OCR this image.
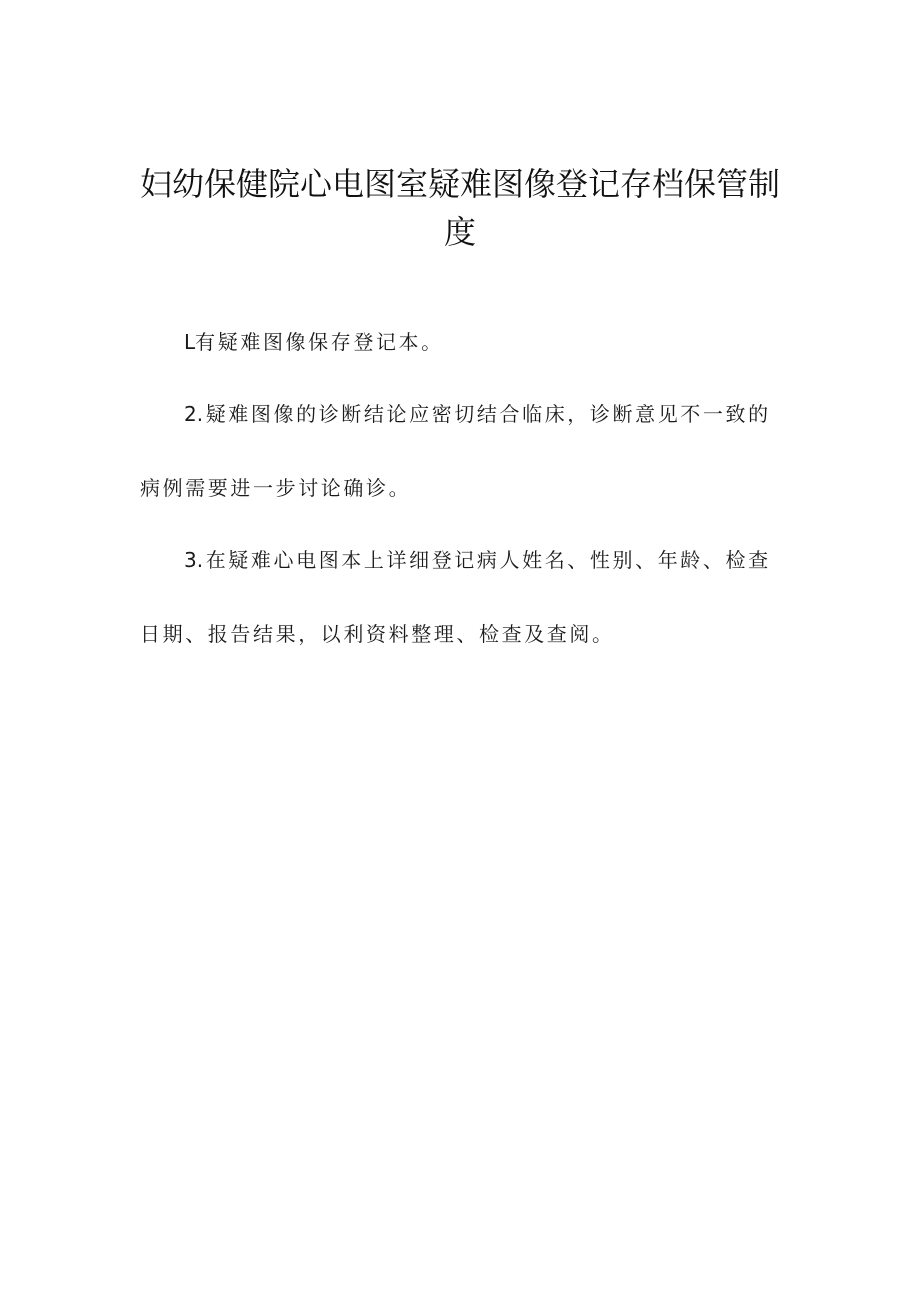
妇幼保健院心电图室疑难图像登记存档保管制度

L有疑难图像保存登记本。

2.疑难图像的诊断结论应密切结合临床，诊断意见不一致的病例需要进一步讨论确诊。

3.在疑难心电图本上详细登记病人姓名、性别、年龄、检查日期、报告结果，以利资料整理、检查及查阅。
